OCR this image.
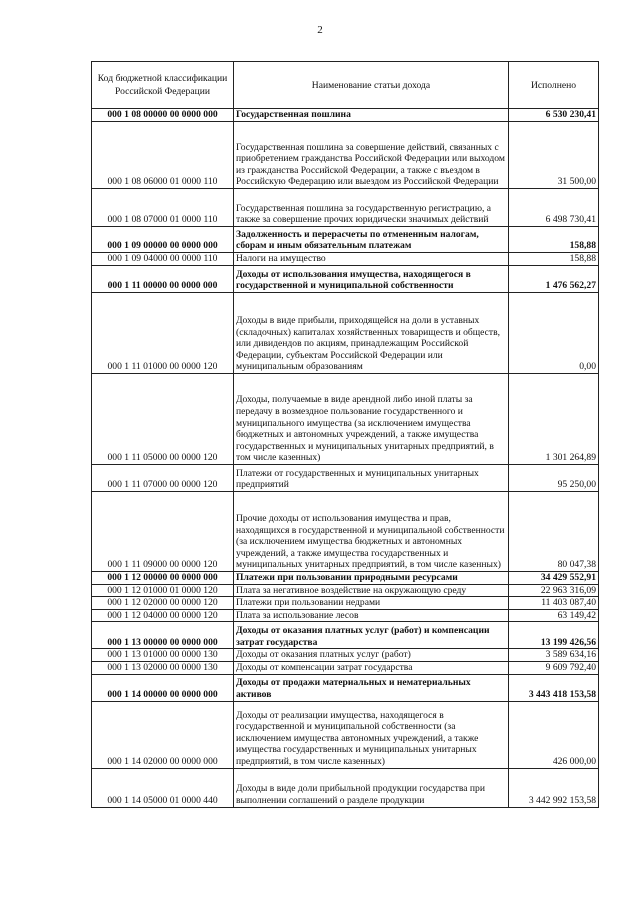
2
Код бюджетной классификации Российской Федерации	Наименование статьи дохода	Исполнено
000 1 08 00000 00 0000 000	Государственная пошлина	6 530 230,41
000 1 08 06000 01 0000 110	Государственная пошлина за совершение действий, связанных с приобретением гражданства Российской Федерации или выходом из гражданства Российской Федерации, а также с въездом в Российскую Федерацию или выездом из Российской Федерации	31 500,00
000 1 08 07000 01 0000 110	Государственная пошлина за государственную регистрацию, а также за совершение прочих юридически значимых действий	6 498 730,41
000 1 09 00000 00 0000 000	Задолженность и перерасчеты по отмененным налогам, сборам и иным обязательным платежам	158,88
000 1 09 04000 00 0000 110	Налоги на имущество	158,88
000 1 11 00000 00 0000 000	Доходы от использования имущества, находящегося в государственной и муниципальной собственности	1 476 562,27
000 1 11 01000 00 0000 120	Доходы в виде прибыли, приходящейся на доли в уставных (складочных) капиталах хозяйственных товариществ и обществ, или дивидендов по акциям, принадлежащим Российской Федерации, субъектам Российской Федерации или муниципальным образованиям	0,00
000 1 11 05000 00 0000 120	Доходы, получаемые в виде арендной либо иной платы за передачу в возмездное пользование государственного и муниципального имущества (за исключением имущества бюджетных и автономных учреждений, а также имущества государственных и муниципальных унитарных предприятий, в том числе казенных)	1 301 264,89
000 1 11 07000 00 0000 120	Платежи от государственных и муниципальных унитарных предприятий	95 250,00
000 1 11 09000 00 0000 120	Прочие доходы от использования имущества и прав, находящихся в государственной и муниципальной собственности (за исключением имущества бюджетных и автономных учреждений, а также имущества государственных и муниципальных унитарных предприятий, в том числе казенных)	80 047,38
000 1 12 00000 00 0000 000	Платежи при пользовании природными ресурсами	34 429 552,91
000 1 12 01000 01 0000 120	Плата за негативное воздействие на окружающую среду	22 963 316,09
000 1 12 02000 00 0000 120	Платежи при пользовании недрами	11 403 087,40
000 1 12 04000 00 0000 120	Плата за использование лесов	63 149,42
000 1 13 00000 00 0000 000	Доходы от оказания платных услуг (работ) и компенсации затрат государства	13 199 426,56
000 1 13 01000 00 0000 130	Доходы от оказания платных услуг (работ)	3 589 634,16
000 1 13 02000 00 0000 130	Доходы от компенсации затрат государства	9 609 792,40
000 1 14 00000 00 0000 000	Доходы от продажи материальных и нематериальных активов	3 443 418 153,58
000 1 14 02000 00 0000 000	Доходы от реализации имущества, находящегося в государственной и муниципальной собственности (за исключением имущества автономных учреждений, а также имущества государственных и муниципальных унитарных предприятий, в том числе казенных)	426 000,00
000 1 14 05000 01 0000 440	Доходы в виде доли прибыльной продукции государства при выполнении соглашений о разделе продукции	3 442 992 153,58
